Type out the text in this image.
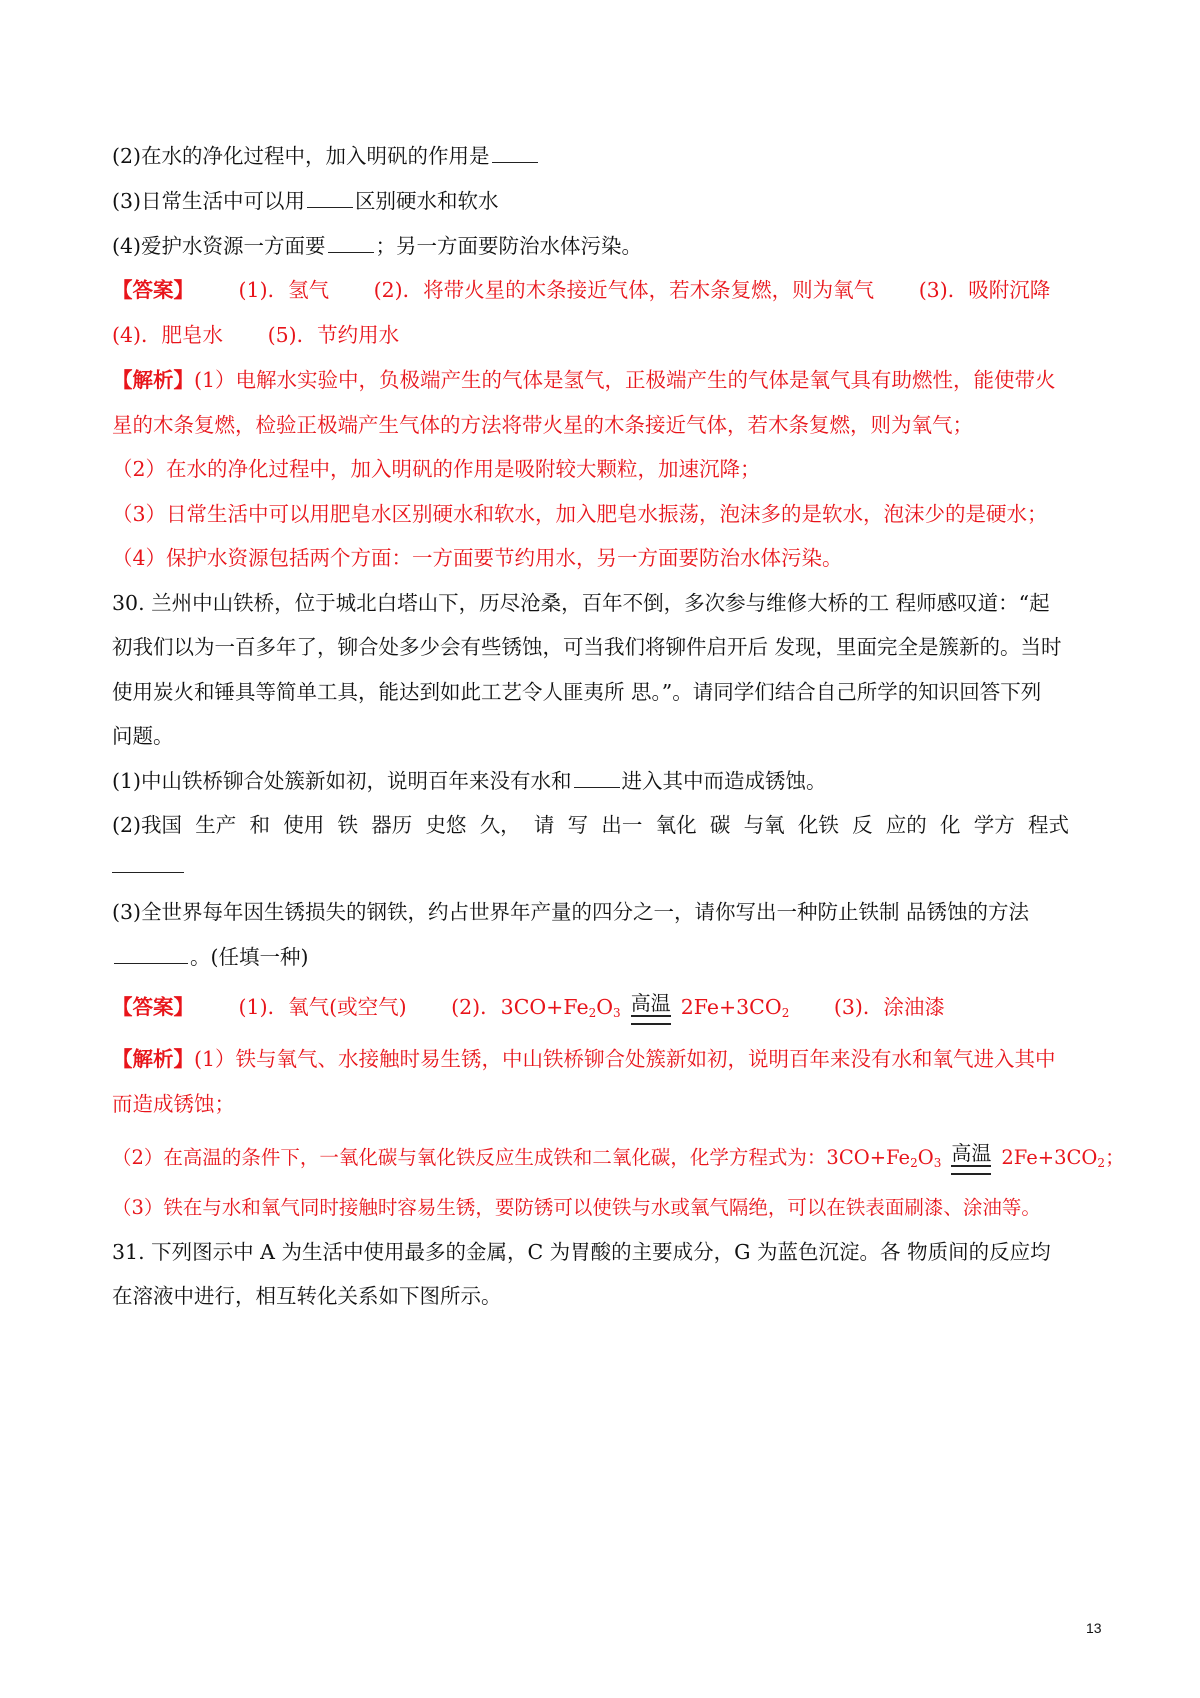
(2)在水的净化过程中，加入明矾的作用是
(3)日常生活中可以用 区别硬水和软水
(4)爱护水资源一方面要 ；另一方面要防治水体污染。
【答案】 (1)．氢气 (2)．将带火星的木条接近气体，若木条复燃，则为氧气 (3)．吸附沉降
(4)．肥皂水 (5)．节约用水
【解析】(1）电解水实验中，负极端产生的气体是氢气，正极端产生的气体是氧气具有助燃性，能使带火
星的木条复燃，检验正极端产生气体的方法将带火星的木条接近气体，若木条复燃，则为氧气；
（2）在水的净化过程中，加入明矾的作用是吸附较大颗粒，加速沉降；
（3）日常生活中可以用肥皂水区别硬水和软水，加入肥皂水振荡，泡沫多的是软水，泡沫少的是硬水；
（4）保护水资源包括两个方面：一方面要节约用水，另一方面要防治水体污染。
30. 兰州中山铁桥，位于城北白塔山下，历尽沧桑，百年不倒，多次参与维修大桥的工 程师感叹道：“起
初我们以为一百多年了，铆合处多少会有些锈蚀，可当我们将铆件启开后 发现，里面完全是簇新的。当时
使用炭火和锤具等简单工具，能达到如此工艺令人匪夷所 思。”。请同学们结合自己所学的知识回答下列
问题。
(1)中山铁桥铆合处簇新如初，说明百年来没有水和 进入其中而造成锈蚀。
(2)我国 生产 和 使用 铁 器历 史悠 久， 请 写 出一 氧化 碳 与氧 化铁 反 应的 化 学方 程式
(3)全世界每年因生锈损失的钢铁，约占世界年产量的四分之一，请你写出一种防止铁制 品锈蚀的方法
。(任填一种)
【答案】 (1)．氧气(或空气) (2)．$3CO+Fe_2O_3$ 高温 $2Fe+3CO_2$ (3)．涂油漆
【解析】(1）铁与氧气、水接触时易生锈，中山铁桥铆合处簇新如初，说明百年来没有水和氧气进入其中
而造成锈蚀；
（2）在高温的条件下，一氧化碳与氧化铁反应生成铁和二氧化碳，化学方程式为：$3CO+Fe_2O_3$ 高温 $2Fe+3CO_2$；
（3）铁在与水和氧气同时接触时容易生锈，要防锈可以使铁与水或氧气隔绝，可以在铁表面刷漆、涂油等。
31. 下列图示中 A 为生活中使用最多的金属，C 为胃酸的主要成分，G 为蓝色沉淀。各 物质间的反应均
在溶液中进行，相互转化关系如下图所示。
13
